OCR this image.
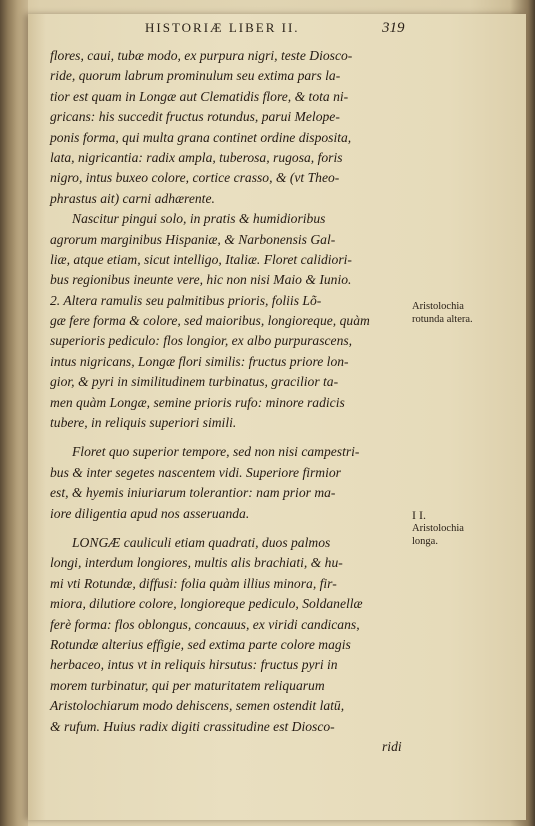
HISTORIÆ LIBER II.	319
flores, caui, tubæ modo, ex purpura nigri, teste Diosco-
ride, quorum labrum prominulum seu extima pars la-
tior est quam in Longæ aut Clematidis flore, & tota ni-
gricans: his succedit fructus rotundus, parui Melope-
ponis forma, qui multa grana continet ordine disposita,
lata, nigricantia: radix ampla, tuberosa, rugosa, foris
nigro, intus buxeo colore, cortice crasso, & (vt Theo-
phrastus ait) carni adhærente.
Nascitur pingui solo, in pratis & humidioribus
agrorum marginibus Hispaniæ, & Narbonensis Gal-
liæ, atque etiam, sicut intelligo, Italiæ. Floret calidiori-
bus regionibus ineunte vere, hic non nisi Maio & Iunio.
2. Altera ramulis seu palmitibus prioris, foliis Lõ-
gæ fere forma & colore, sed maioribus, longioreque, quàm
superioris pediculo: flos longior, ex albo purpurascens,
intus nigricans, Longæ flori similis: fructus priore lon-
gior, & pyri in similitudinem turbinatus, gracilior ta-
men quàm Longæ, semine prioris rufo: minore radicis
tubere, in reliquis superiori simili.
Floret quo superior tempore, sed non nisi campestri-
bus & inter segetes nascentem vidi. Superiore firmior
est, & hyemis iniuriarum tolerantior: nam prior ma-
iore diligentia apud nos asseruanda.
LONGÆ cauliculi etiam quadrati, duos palmos
longi, interdum longiores, multis alis brachiati, & hu-
mi vti Rotundæ, diffusi: folia quàm illius minora, fir-
miora, dilutiore colore, longioreque pediculo, Soldanellæ
ferè forma: flos oblongus, concauus, ex viridi candicans,
Rotundæ alterius effigie, sed extima parte colore magis
herbaceo, intus vt in reliquis hirsutus: fructus pyri in
morem turbinatur, qui per maturitatem reliquarum
Aristolochiarum modo dehiscens, semen ostendit latū,
& rufum. Huius radix digiti crassitudine est Diosco-
ridi
Aristolochia rotunda altera.
I I.
Aristolochia longa.
